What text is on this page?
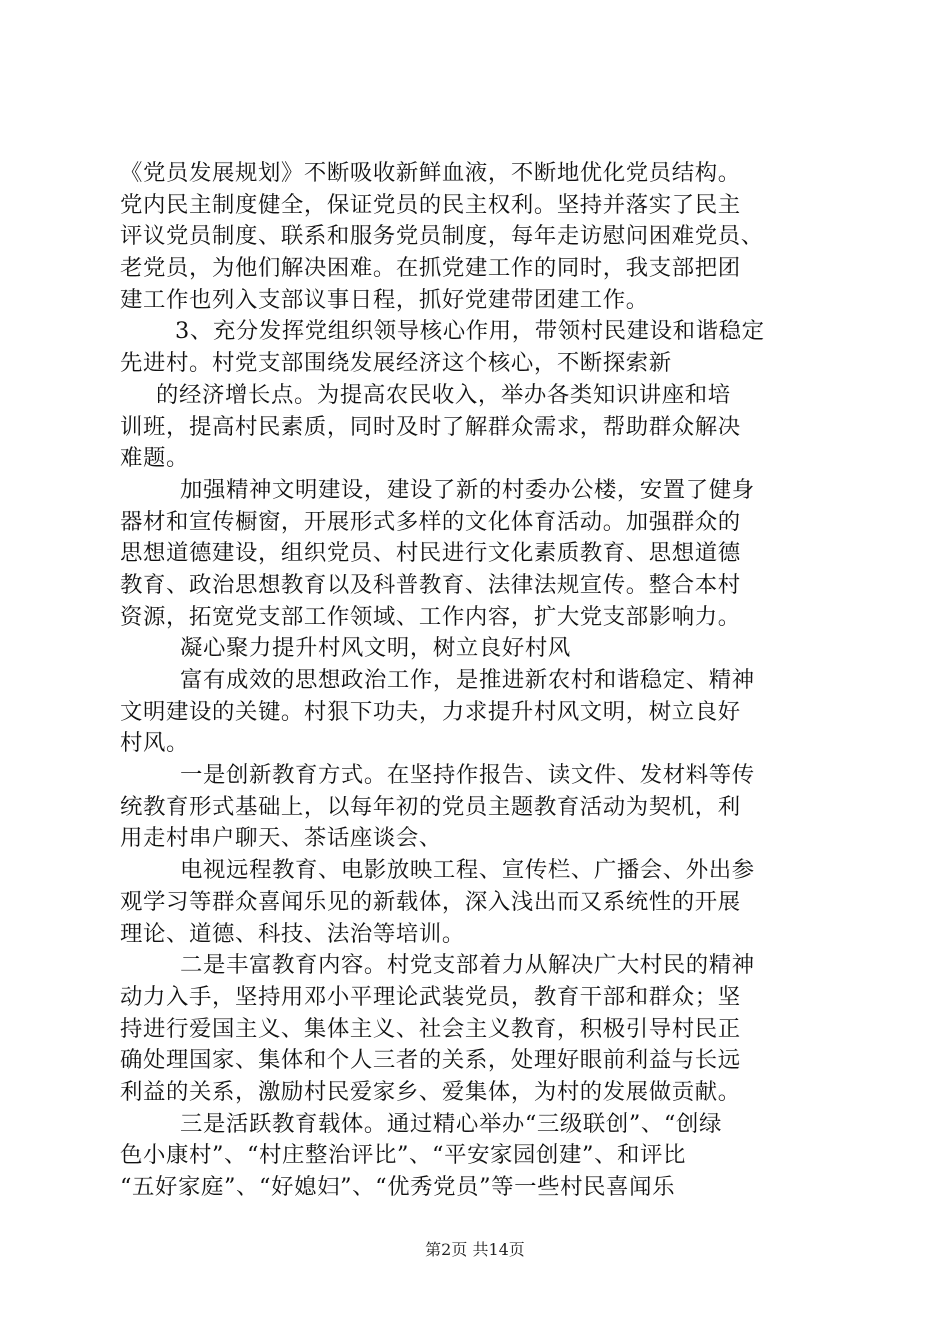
《党员发展规划》不断吸收新鲜血液，不断地优化党员结构。
党内民主制度健全，保证党员的民主权利。坚持并落实了民主
评议党员制度、联系和服务党员制度，每年走访慰问困难党员、
老党员，为他们解决困难。在抓党建工作的同时，我支部把团
建工作也列入支部议事日程，抓好党建带团建工作。
3、充分发挥党组织领导核心作用，带领村民建设和谐稳定
先进村。村党支部围绕发展经济这个核心，不断探索新
的经济增长点。为提高农民收入，举办各类知识讲座和培
训班，提高村民素质，同时及时了解群众需求，帮助群众解决
难题。
加强精神文明建设，建设了新的村委办公楼，安置了健身
器材和宣传橱窗，开展形式多样的文化体育活动。加强群众的
思想道德建设，组织党员、村民进行文化素质教育、思想道德
教育、政治思想教育以及科普教育、法律法规宣传。整合本村
资源，拓宽党支部工作领域、工作内容，扩大党支部影响力。
凝心聚力提升村风文明，树立良好村风
富有成效的思想政治工作，是推进新农村和谐稳定、精神
文明建设的关键。村狠下功夫，力求提升村风文明，树立良好
村风。
一是创新教育方式。在坚持作报告、读文件、发材料等传
统教育形式基础上，以每年初的党员主题教育活动为契机，利
用走村串户聊天、茶话座谈会、
电视远程教育、电影放映工程、宣传栏、广播会、外出参
观学习等群众喜闻乐见的新载体，深入浅出而又系统性的开展
理论、道德、科技、法治等培训。
二是丰富教育内容。村党支部着力从解决广大村民的精神
动力入手，坚持用邓小平理论武装党员，教育干部和群众；坚
持进行爱国主义、集体主义、社会主义教育，积极引导村民正
确处理国家、集体和个人三者的关系，处理好眼前利益与长远
利益的关系，激励村民爱家乡、爱集体，为村的发展做贡献。
三是活跃教育载体。通过精心举办“三级联创”、“创绿
色小康村”、“村庄整治评比”、“平安家园创建”、和评比
“五好家庭”、“好媳妇”、“优秀党员”等一些村民喜闻乐
第2页 共14页
